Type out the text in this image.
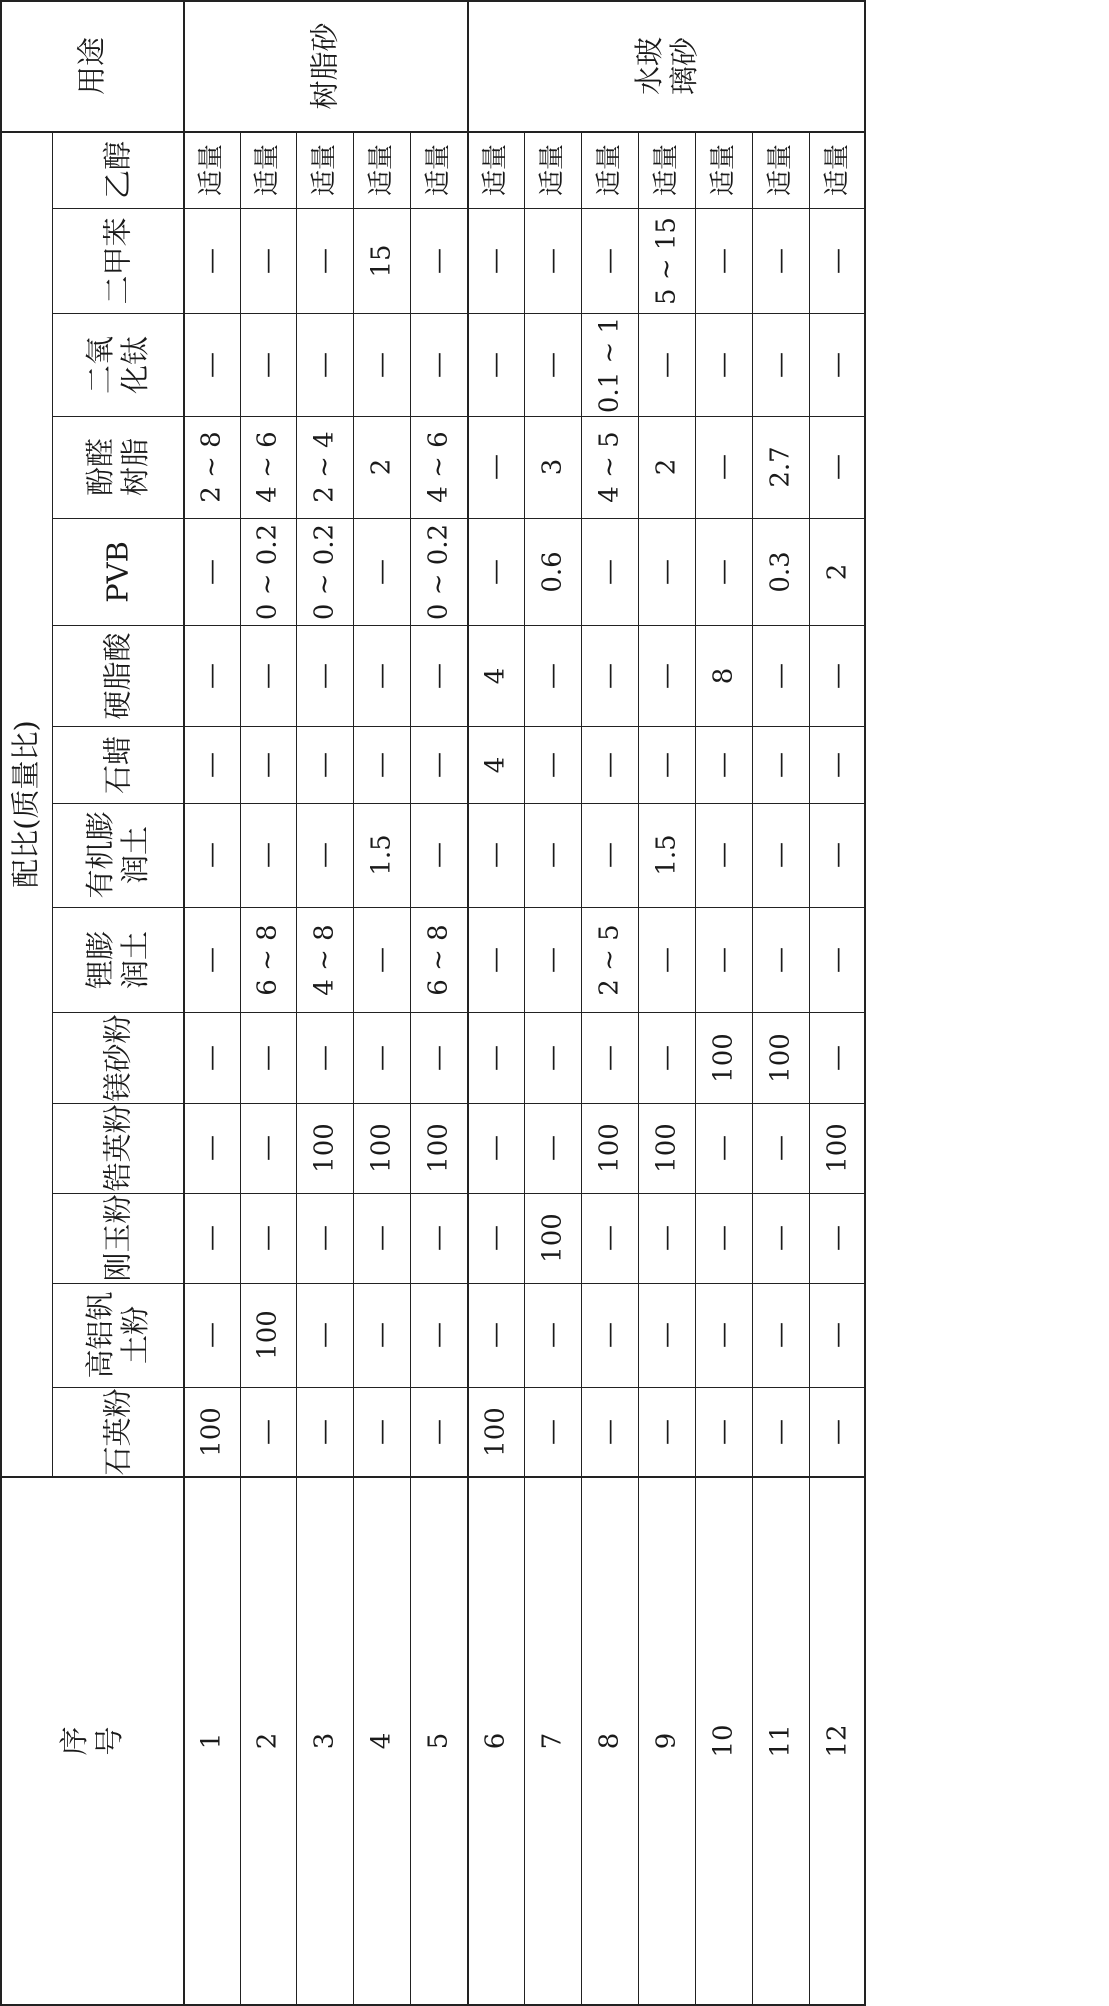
配比(质量比)
序
号
用途
石英粉
高铝钒
土粉
刚玉粉
锆英粉
镁砂粉
锂膨
润土
有机膨
润土
石蜡
硬脂酸
PVB
酚醛
树脂
二氧
化钛
二甲苯
乙醇
1
100
—
—
—
—
—
—
—
—
—
2 ~ 8
—
—
适量
2
—
100
—
—
—
6 ~ 8
—
—
—
0 ~ 0.2
4 ~ 6
—
—
适量
3
—
—
—
100
—
4 ~ 8
—
—
—
0 ~ 0.2
2 ~ 4
—
—
适量
4
—
—
—
100
—
—
1.5
—
—
—
2
—
15
适量
5
—
—
—
100
—
6 ~ 8
—
—
—
0 ~ 0.2
4 ~ 6
—
—
适量
6
100
—
—
—
—
—
—
4
4
—
—
—
—
适量
7
—
—
100
—
—
—
—
—
—
0.6
3
—
—
适量
8
—
—
—
100
—
2 ~ 5
—
—
—
—
4 ~ 5
0.1 ~ 1
—
适量
9
—
—
—
100
—
—
1.5
—
—
—
2
—
5 ~ 15
适量
10
—
—
—
—
100
—
—
—
8
—
—
—
—
适量
11
—
—
—
—
100
—
—
—
—
0.3
2.7
—
—
适量
12
—
—
—
100
—
—
—
—
—
2
—
—
—
适量
树脂砂	水玻
璃砂
